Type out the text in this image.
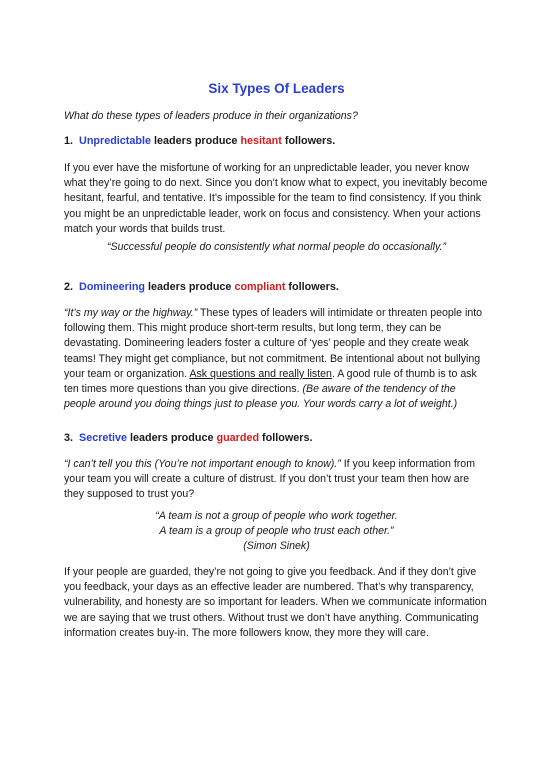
Six Types Of Leaders

What do these types of leaders produce in their organizations?

1. Unpredictable leaders produce hesitant followers.

If you ever have the misfortune of working for an unpredictable leader, you never know what they’re going to do next. Since you don’t know what to expect, you inevitably become hesitant, fearful, and tentative. It’s impossible for the team to find consistency. If you think you might be an unpredictable leader, work on focus and consistency. When your actions match your words that builds trust.

“Successful people do consistently what normal people do occasionally.”

2. Domineering leaders produce compliant followers.

“It’s my way or the highway.” These types of leaders will intimidate or threaten people into following them. This might produce short-term results, but long term, they can be devastating. Domineering leaders foster a culture of ‘yes’ people and they create weak teams! They might get compliance, but not commitment. Be intentional about not bullying your team or organization. Ask questions and really listen. A good rule of thumb is to ask ten times more questions than you give directions. (Be aware of the tendency of the people around you doing things just to please you. Your words carry a lot of weight.)

3. Secretive leaders produce guarded followers.

“I can’t tell you this (You’re not important enough to know).” If you keep information from your team you will create a culture of distrust. If you don’t trust your team then how are they supposed to trust you?

“A team is not a group of people who work together.

A team is a group of people who trust each other.”

(Simon Sinek)

If your people are guarded, they’re not going to give you feedback. And if they don’t give you feedback, your days as an effective leader are numbered. That’s why transparency, vulnerability, and honesty are so important for leaders. When we communicate information we are saying that we trust others. Without trust we don’t have anything. Communicating information creates buy-in. The more followers know, they more they will care.
